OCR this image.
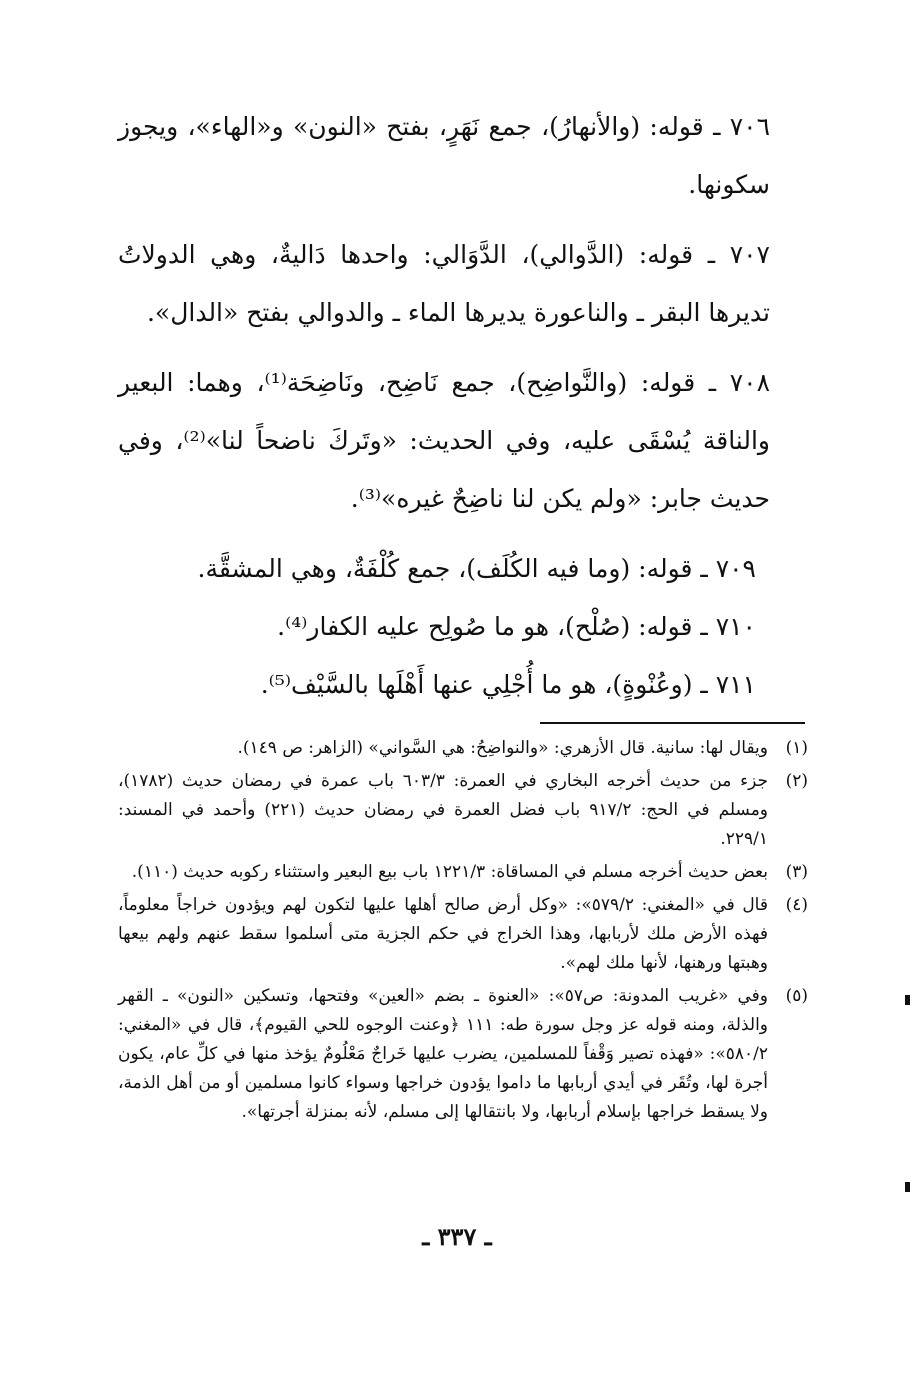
٧٠٦ ـ قوله: (والأنهارُ)، جمع نَهَرٍ، بفتح «النون» و«الهاء»، ويجوز سكونها.

٧٠٧ ـ قوله: (الدَّوالي)، الدَّوَالي: واحدها دَاليةٌ، وهي الدولاتُ تديرها البقر ـ والناعورة يديرها الماء ـ والدوالي بفتح «الدال».

٧٠٨ ـ قوله: (والنَّواضِح)، جمع نَاضِح، ونَاضِحَة⁽¹⁾، وهما: البعير والناقة يُسْقَى عليه، وفي الحديث: «وتَركَ ناضحاً لنا»⁽²⁾، وفي حديث جابر: «ولم يكن لنا ناضِحٌ غيره»⁽³⁾.

٧٠٩ ـ قوله: (وما فيه الكُلَف)، جمع كُلْفَةٌ، وهي المشقَّة.

٧١٠ ـ قوله: (صُلْح)، هو ما صُولِح عليه الكفار⁽⁴⁾.

٧١١ ـ (وعُنْوةٍ)، هو ما أُجْلِي عنها أَهْلَها بالسَّيْف⁽⁵⁾.

(١)
ويقال لها: سانية. قال الأزهري: «والنواضِحُ: هي السَّواني» (الزاهر: ص ١٤٩).
(٢)
جزء من حديث أخرجه البخاري في العمرة: ٦٠٣/٣ باب عمرة في رمضان حديث (١٧٨٢)، ومسلم في الحج: ٩١٧/٢ باب فضل العمرة في رمضان حديث (٢٢١) وأحمد في المسند: ٢٢٩/١.
(٣)
بعض حديث أخرجه مسلم في المساقاة: ١٢٢١/٣ باب بيع البعير واستثناء ركوبه حديث (١١٠).
(٤)
قال في «المغني: ٥٧٩/٢»: «وكل أرض صالح أهلها عليها لتكون لهم ويؤدون خراجاً معلوماً، فهذه الأرض ملك لأربابها، وهذا الخراج في حكم الجزية متى أسلموا سقط عنهم ولهم بيعها وهبتها ورهنها، لأنها ملك لهم».
(٥)
وفي «غريب المدونة: ص٥٧»: «العنوة ـ بضم «العين» وفتحها، وتسكين «النون» ـ القهر والذلة، ومنه قوله عز وجل سورة طه: ١١١ ﴿وعنت الوجوه للحي القيوم﴾، قال في «المغني: ٥٨٠/٢»: «فهذه تصير وَقْفاً للمسلمين، يضرب عليها خَراجٌ مَعْلُومٌ يؤخذ منها في كلِّ عام، يكون أجرة لها، وتُقَر في أيدي أربابها ما داموا يؤدون خراجها وسواء كانوا مسلمين أو من أهل الذمة، ولا يسقط خراجها بإسلام أربابها، ولا بانتقالها إلى مسلم، لأنه بمنزلة أجرتها».
ـ ٣٣٧ ـ
